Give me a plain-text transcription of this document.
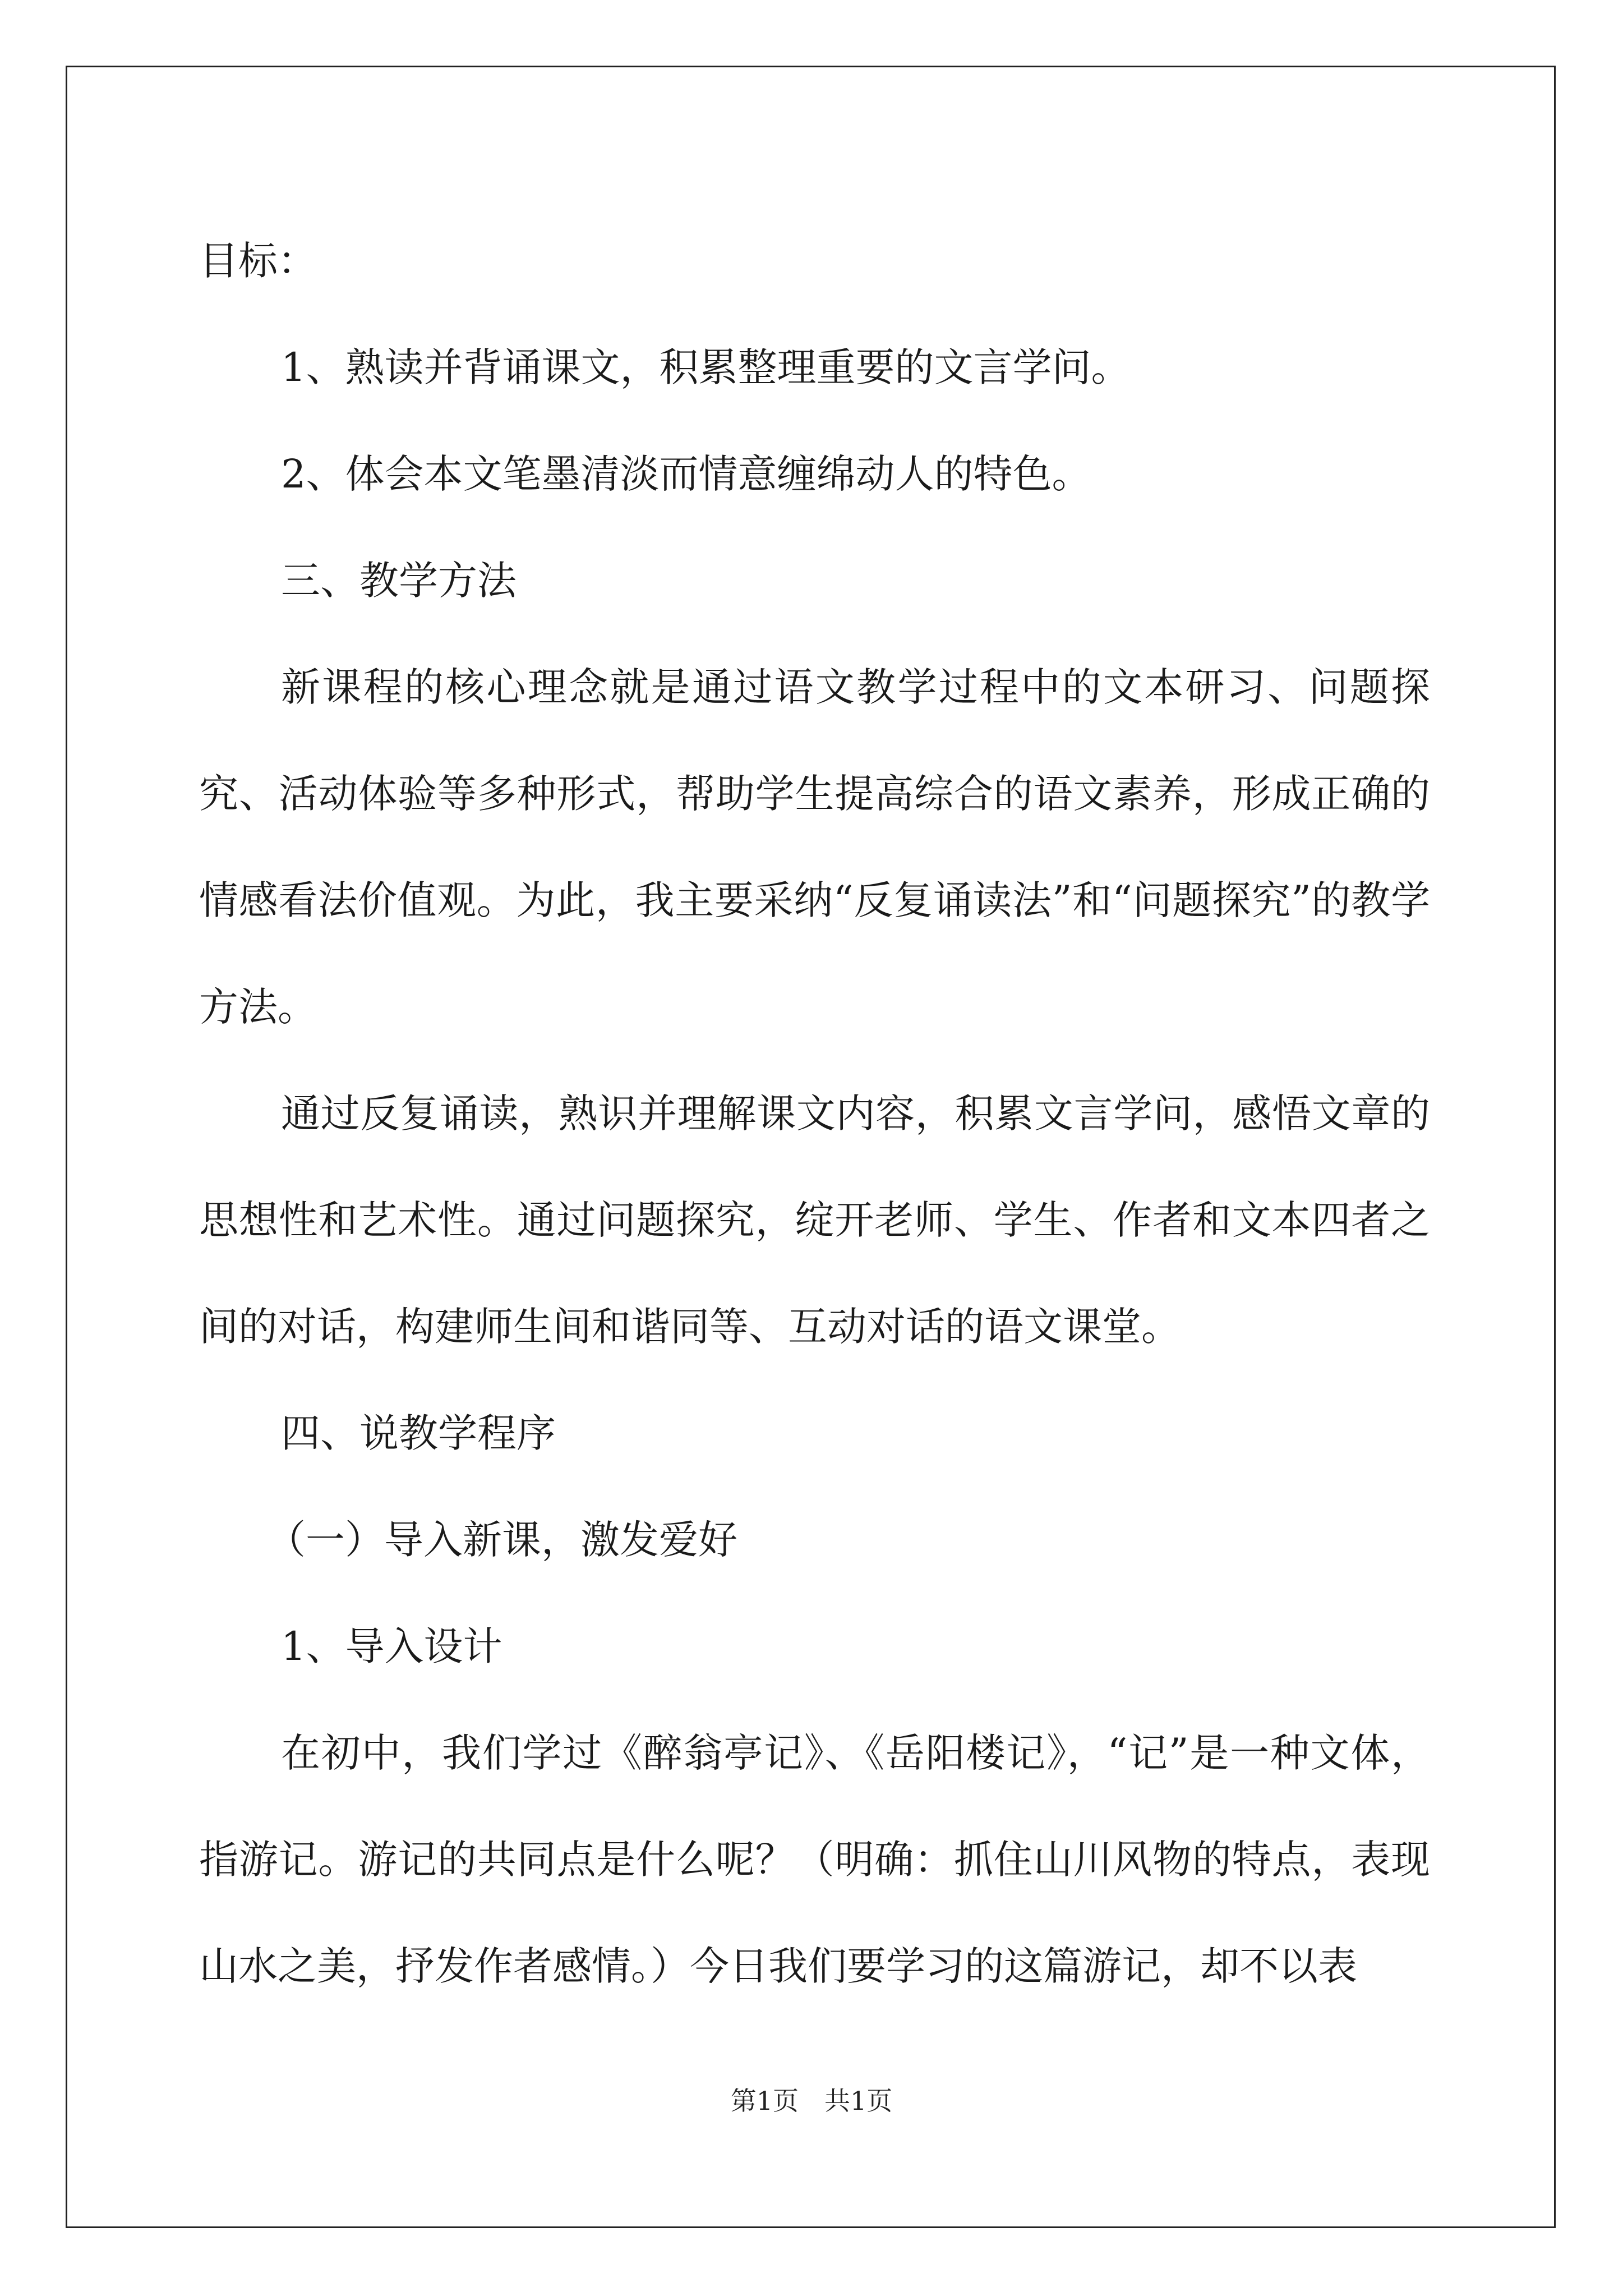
目标：

1、熟读并背诵课文，积累整理重要的文言学问。

2、体会本文笔墨清淡而情意缠绵动人的特色。

三、教学方法

新课程的核心理念就是通过语文教学过程中的文本研习、问题探究、活动体验等多种形式，帮助学生提高综合的语文素养，形成正确的情感看法价值观。为此，我主要采纳“反复诵读法”和“问题探究”的教学方法。

通过反复诵读，熟识并理解课文内容，积累文言学问，感悟文章的思想性和艺术性。通过问题探究，绽开老师、学生、作者和文本四者之间的对话，构建师生间和谐同等、互动对话的语文课堂。

四、说教学程序

（一）导入新课，激发爱好

1、导入设计

在初中，我们学过《醉翁亭记》、《岳阳楼记》，“记”是一种文体，指游记。游记的共同点是什么呢？（明确：抓住山川风物的特点，表现山水之美，抒发作者感情。）今日我们要学习的这篇游记，却不以表

第1页　共1页
